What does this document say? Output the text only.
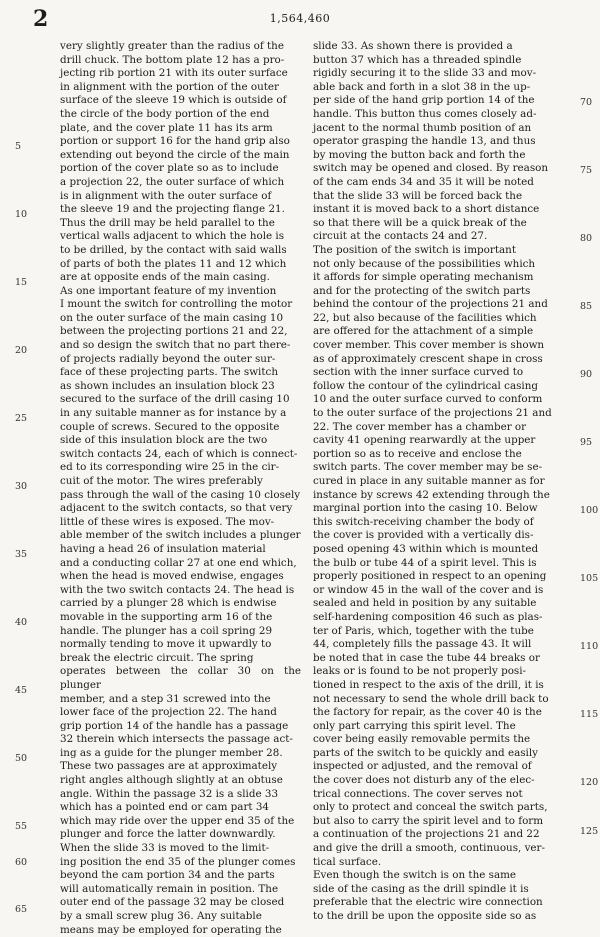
2	1,564,460

very slightly greater than the radius of the
drill chuck. The bottom plate 12 has a pro-
jecting rib portion 21 with its outer surface
in alignment with the portion of the outer
surface of the sleeve 19 which is outside of
the circle of the body portion of the end
plate, and the cover plate 11 has its arm
portion or support 16 for the hand grip also
extending out beyond the circle of the main
portion of the cover plate so as to include
a projection 22, the outer surface of which
is in alignment with the outer surface of
the sleeve 19 and the projecting flange 21.
Thus the drill may be held parallel to the
vertical walls adjacent to which the hole is
to be drilled, by the contact with said walls
of parts of both the plates 11 and 12 which
are at opposite ends of the main casing.

As one important feature of my invention
I mount the switch for controlling the motor
on the outer surface of the main casing 10
between the projecting portions 21 and 22,
and so design the switch that no part there-
of projects radially beyond the outer sur-
face of these projecting parts. The switch
as shown includes an insulation block 23
secured to the surface of the drill casing 10
in any suitable manner as for instance by a
couple of screws. Secured to the opposite
side of this insulation block are the two
switch contacts 24, each of which is connect-
ed to its corresponding wire 25 in the cir-
cuit of the motor. The wires preferably
pass through the wall of the casing 10 closely
adjacent to the switch contacts, so that very
little of these wires is exposed. The mov-
able member of the switch includes a plunger
having a head 26 of insulation material
and a conducting collar 27 at one end which,
when the head is moved endwise, engages
with the two switch contacts 24. The head is
carried by a plunger 28 which is endwise
movable in the supporting arm 16 of the
handle. The plunger has a coil spring 29
normally tending to move it upwardly to
break the electric circuit. The spring
operates between the collar 30 on the plunger
member, and a step 31 screwed into the
lower face of the projection 22. The hand
grip portion 14 of the handle has a passage
32 therein which intersects the passage act-
ing as a guide for the plunger member 28.
These two passages are at approximately
right angles although slightly at an obtuse
angle. Within the passage 32 is a slide 33
which has a pointed end or cam part 34
which may ride over the upper end 35 of the
plunger and force the latter downwardly.
When the slide 33 is moved to the limit-
ing position the end 35 of the plunger comes
beyond the cam portion 34 and the parts
will automatically remain in position. The
outer end of the passage 32 may be closed
by a small screw plug 36. Any suitable
means may be employed for operating the

slide 33. As shown there is provided a
button 37 which has a threaded spindle
rigidly securing it to the slide 33 and mov-
able back and forth in a slot 38 in the up-
per side of the hand grip portion 14 of the
handle. This button thus comes closely ad-
jacent to the normal thumb position of an
operator grasping the handle 13, and thus
by moving the button back and forth the
switch may be opened and closed. By reason
of the cam ends 34 and 35 it will be noted
that the slide 33 will be forced back the
instant it is moved back to a short distance
so that there will be a quick break of the
circuit at the contacts 24 and 27.

The position of the switch is important
not only because of the possibilities which
it affords for simple operating mechanism
and for the protecting of the switch parts
behind the contour of the projections 21 and
22, but also because of the facilities which
are offered for the attachment of a simple
cover member. This cover member is shown
as of approximately crescent shape in cross
section with the inner surface curved to
follow the contour of the cylindrical casing
10 and the outer surface curved to conform
to the outer surface of the projections 21 and
22. The cover member has a chamber or
cavity 41 opening rearwardly at the upper
portion so as to receive and enclose the
switch parts. The cover member may be se-
cured in place in any suitable manner as for
instance by screws 42 extending through the
marginal portion into the casing 10. Below
this switch-receiving chamber the body of
the cover is provided with a vertically dis-
posed opening 43 within which is mounted
the bulb or tube 44 of a spirit level. This is
properly positioned in respect to an opening
or window 45 in the wall of the cover and is
sealed and held in position by any suitable
self-hardening composition 46 such as plas-
ter of Paris, which, together with the tube
44, completely fills the passage 43. It will
be noted that in case the tube 44 breaks or
leaks or is found to be not properly posi-
tioned in respect to the axis of the drill, it is
not necessary to send the whole drill back to
the factory for repair, as the cover 40 is the
only part carrying this spirit level. The
cover being easily removable permits the
parts of the switch to be quickly and easily
inspected or adjusted, and the removal of
the cover does not disturb any of the elec-
trical connections. The cover serves not
only to protect and conceal the switch parts,
but also to carry the spirit level and to form
a continuation of the projections 21 and 22
and give the drill a smooth, continuous, ver-
tical surface.

Even though the switch is on the same
side of the casing as the drill spindle it is
preferable that the electric wire connection
to the drill be upon the opposite side so as

5
10
15
20
25
30
35
40
45
50
55
60
65
70
75
80
85
90
95
100
105
110
115
120
125
